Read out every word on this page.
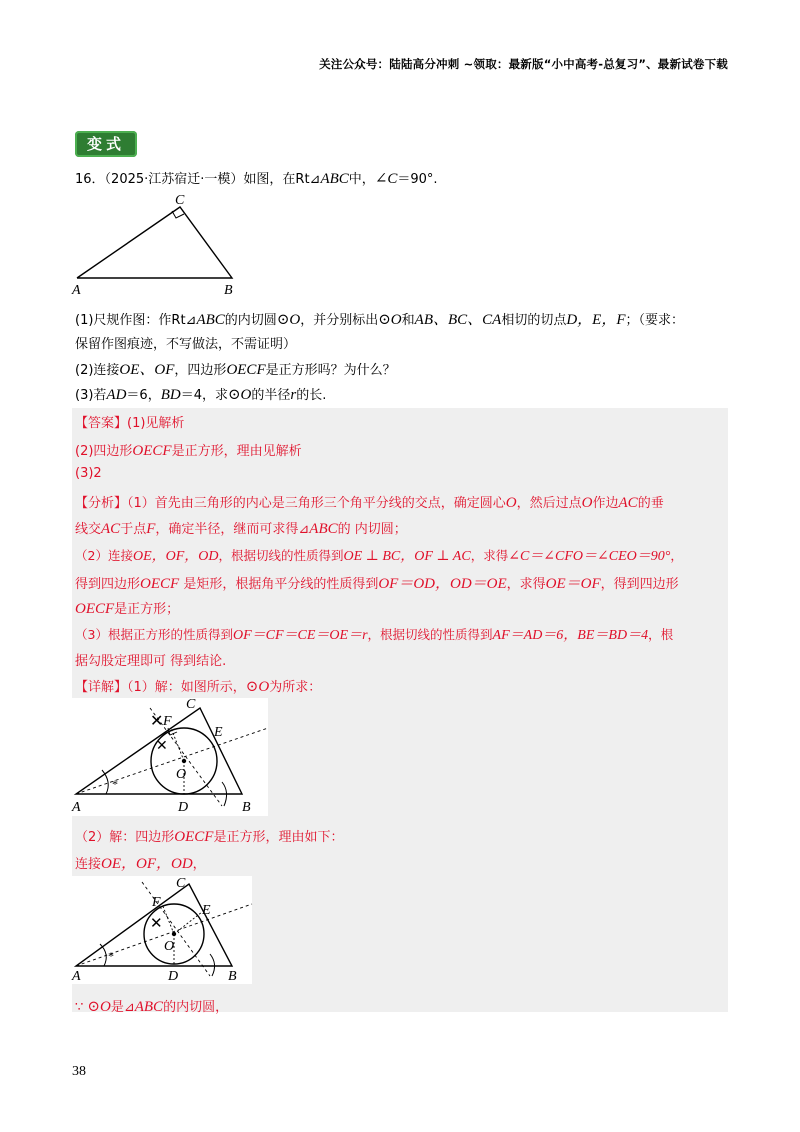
关注公众号：陆陆高分冲刺 ~领取：最新版“小中高考-总复习”、最新试卷下载
变式
16．（2025·江苏宿迁·一模）如图，在Rt⊿ABC中，∠C＝90°.
A	B
C
(1)尺规作图：作Rt⊿ABC的内切圆⊙O，并分别标出⊙O和AB、BC、CA相切的切点D，E，F；（要求：
保留作图痕迹，不写做法，不需证明）
(2)连接OE、OF，四边形OECF是正方形吗？为什么？
(3)若AD＝6，BD＝4，求⊙O的半径r的长.
【答案】(1)见解析
(2)四边形OECF是正方形，理由见解析
(3)2
【分析】（1）首先由三角形的内心是三角形三个角平分线的交点，确定圆心O，然后过点O作边AC的垂
线交AC于点F，确定半径，继而可求得⊿ABC的 内切圆；
（2）连接OE，OF，OD，根据切线的性质得到OE ⊥ BC，OF ⊥ AC，求得∠C＝∠CFO＝∠CEO＝90°，
得到四边形OECF 是矩形，根据角平分线的性质得到OF＝OD，OD＝OE，求得OE＝OF，得到四边形
OECF是正方形；
（3）根据正方形的性质得到OF＝CF＝CE＝OE＝r，根据切线的性质得到AF＝AD＝6，BE＝BD＝4，根
据勾股定理即可 得到结论.
【详解】（1）解：如图所示，⊙O为所求：
*
✕
✕
A	B
C
D
E
F
O
（2）解：四边形OECF是正方形，理由如下：
连接OE，OF，OD，
*
✕
A	B
C
D
E
F
O
∵ ⊙O是⊿ABC的内切圆，
38
